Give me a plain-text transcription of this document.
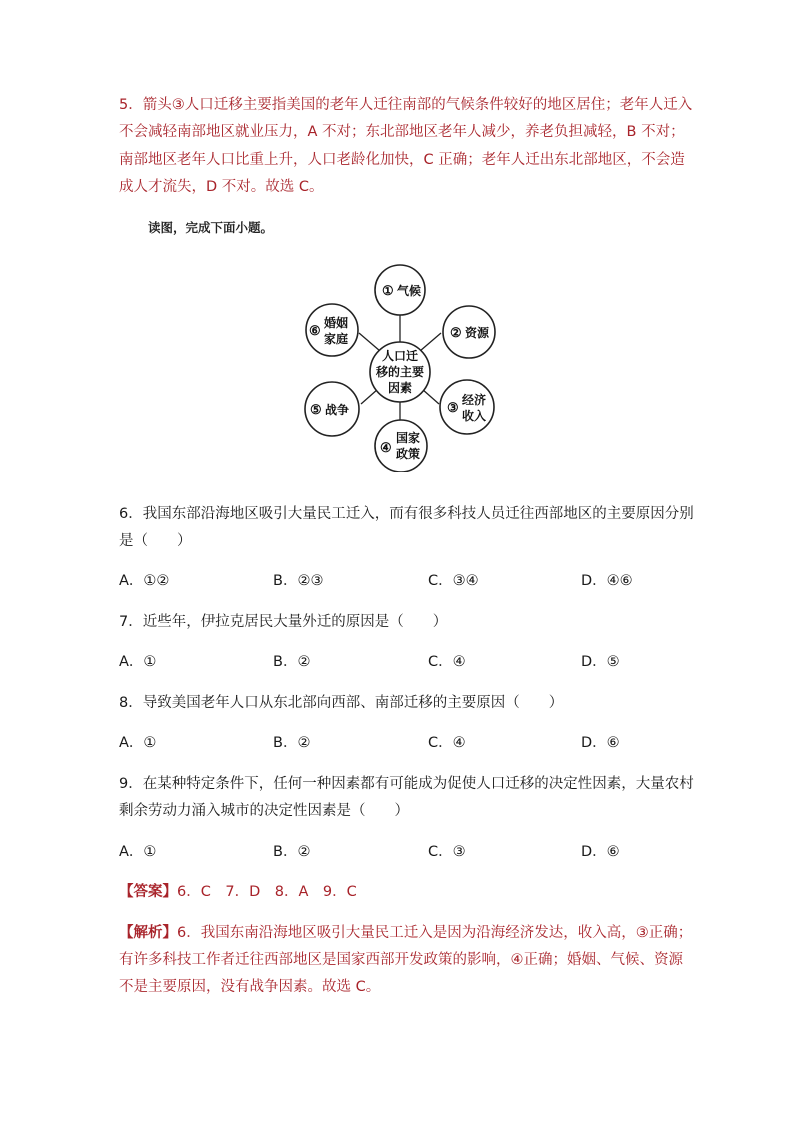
5．箭头③人口迁移主要指美国的老年人迁往南部的气候条件较好的地区居住；老年人迁入
不会减轻南部地区就业压力，A 不对；东北部地区老年人减少，养老负担减轻，B 不对；
南部地区老年人口比重上升，人口老龄化加快，C 正确；老年人迁出东北部地区，不会造
成人才流失，D 不对。故选 C。
读图，完成下面小题。
人口迁
移的主要
因素
① 气候
② 资源
③
经济
收入
④
国家
政策
⑤ 战争
⑥
婚姻
家庭
6．我国东部沿海地区吸引大量民工迁入，而有很多科技人员迁往西部地区的主要原因分别
是（　　）
A．①②	B．②③	C．③④	D．④⑥
7．近些年，伊拉克居民大量外迁的原因是（　　）
A．①	B．②	C．④	D．⑤
8．导致美国老年人口从东北部向西部、南部迁移的主要原因（　　）
A．①	B．②	C．④	D．⑥
9．在某种特定条件下，任何一种因素都有可能成为促使人口迁移的决定性因素，大量农村
剩余劳动力涌入城市的决定性因素是（　　）
A．①	B．②	C．③	D．⑥
【答案】6．C　7．D　8．A　9．C
【解析】6．我国东南沿海地区吸引大量民工迁入是因为沿海经济发达，收入高，③正确；
有许多科技工作者迁往西部地区是国家西部开发政策的影响，④正确；婚姻、气候、资源
不是主要原因，没有战争因素。故选 C。
